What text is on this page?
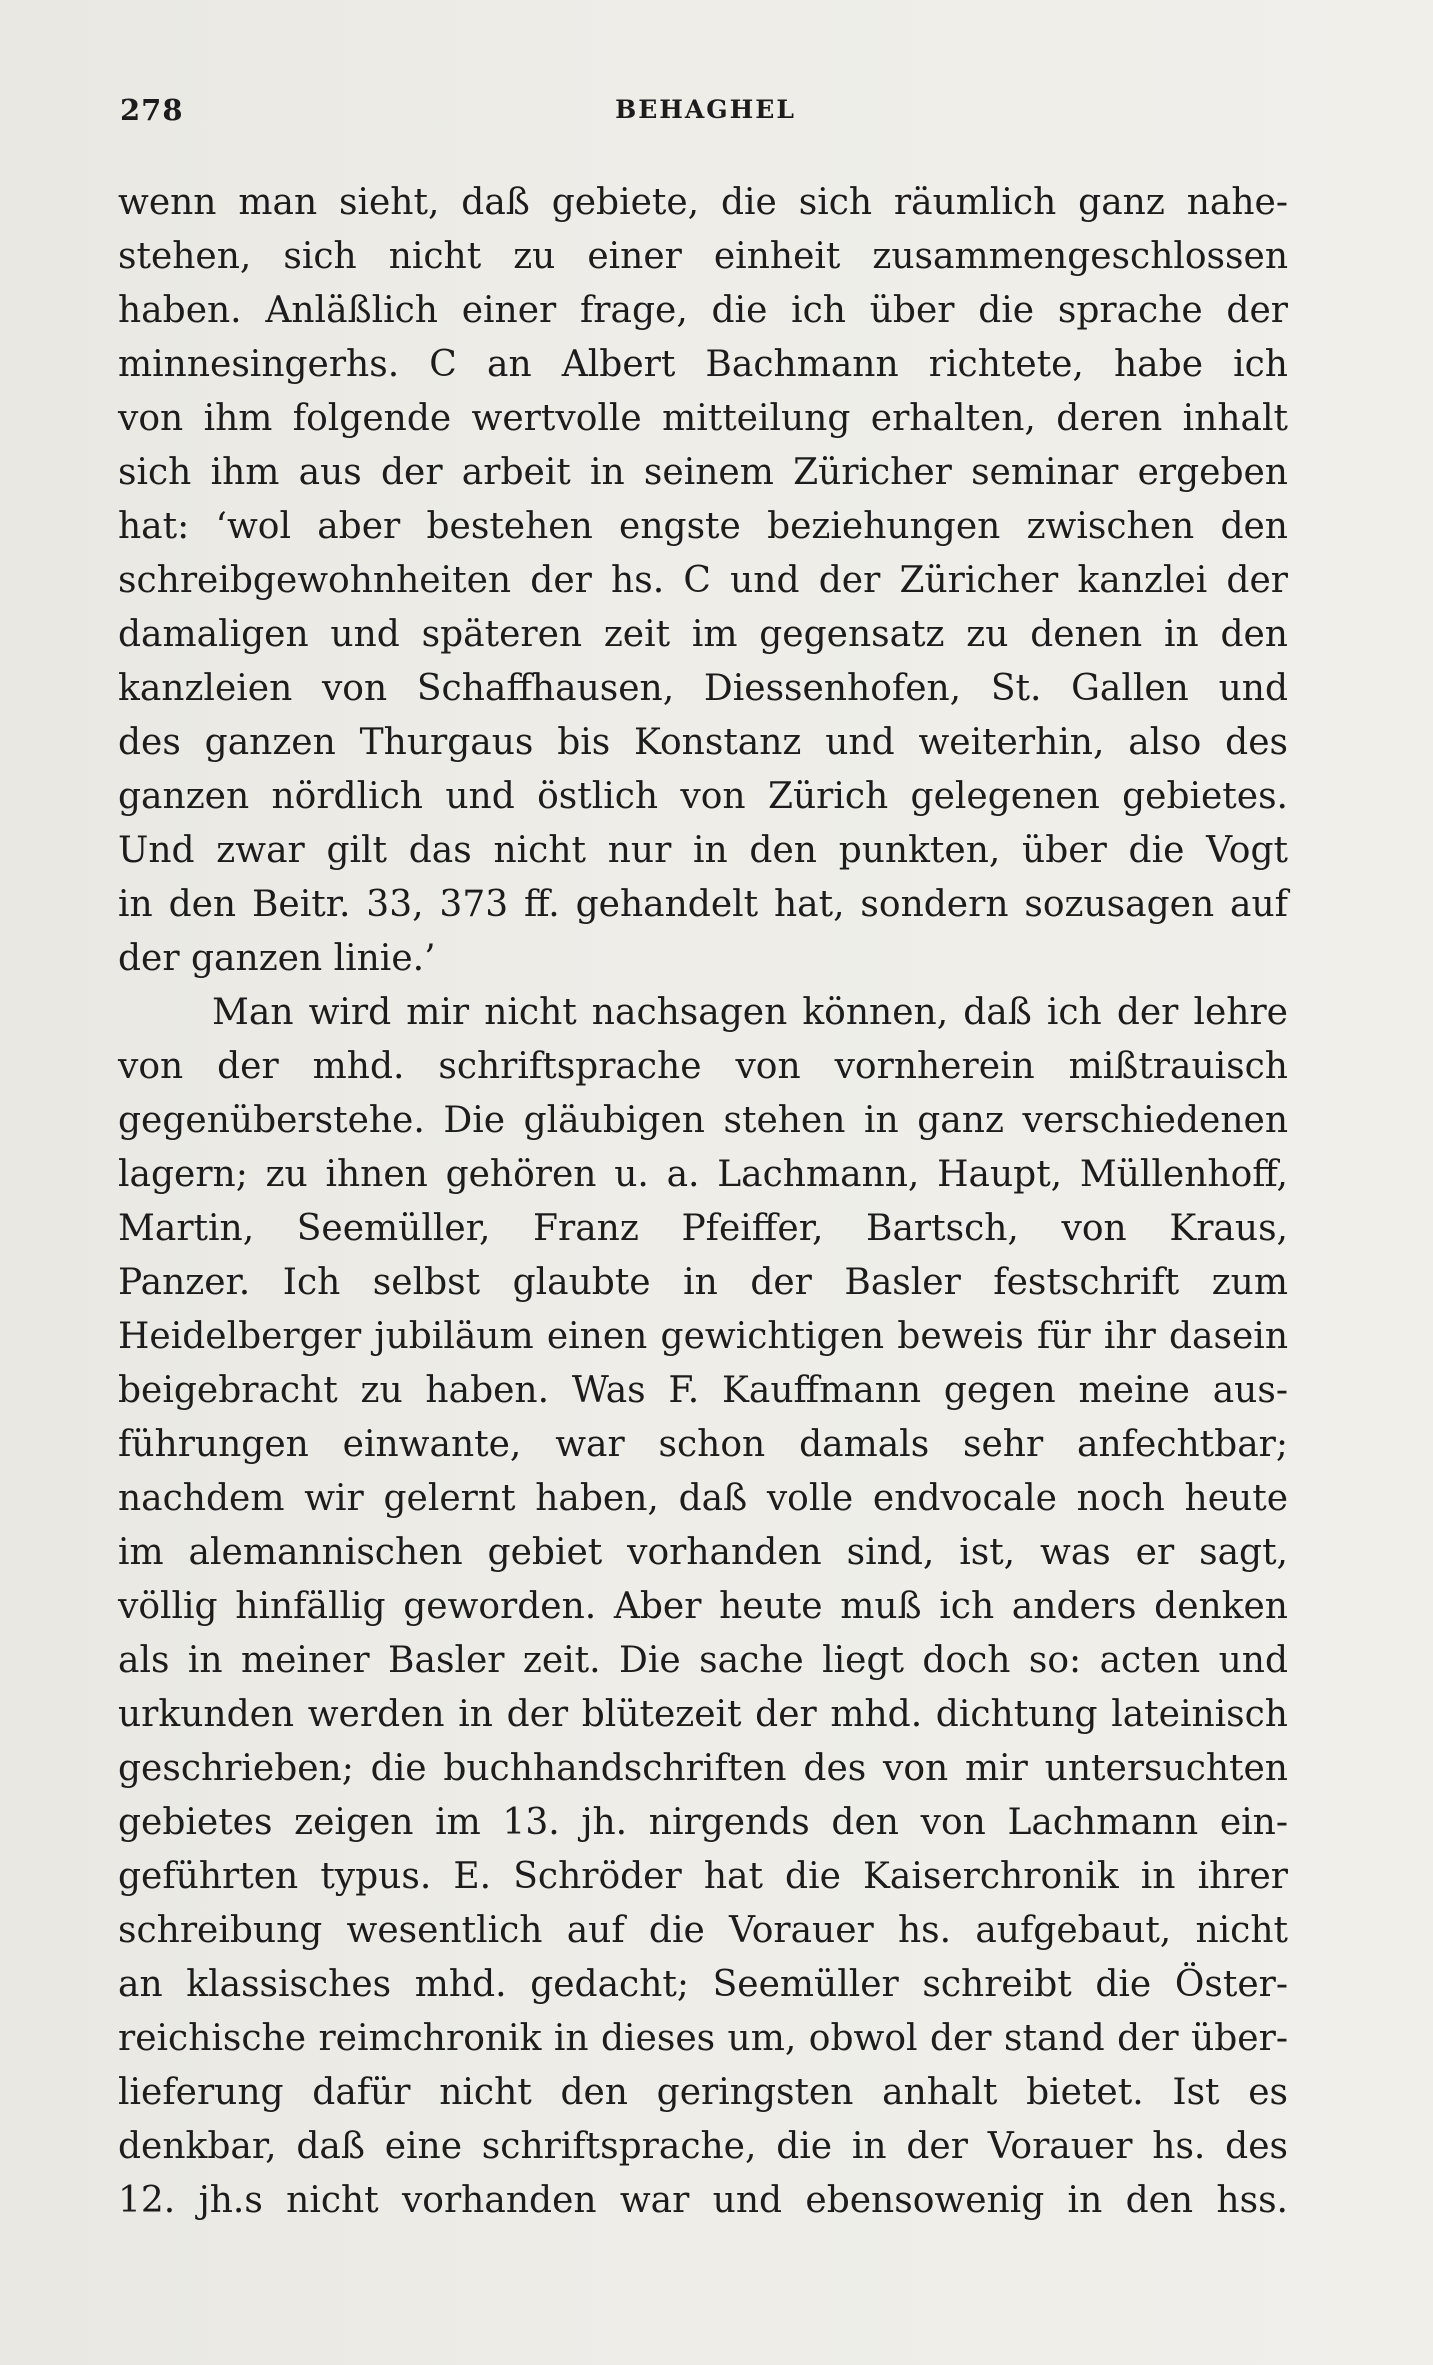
278	BEHAGHEL
wenn man sieht, daß gebiete, die sich räumlich ganz nahe-
stehen, sich nicht zu einer einheit zusammengeschlossen
haben. Anläßlich einer frage, die ich über die sprache der
minnesingerhs. C an Albert Bachmann richtete, habe ich
von ihm folgende wertvolle mitteilung erhalten, deren inhalt
sich ihm aus der arbeit in seinem Züricher seminar ergeben
hat: ‘wol aber bestehen engste beziehungen zwischen den
schreibgewohnheiten der hs. C und der Züricher kanzlei der
damaligen und späteren zeit im gegensatz zu denen in den
kanzleien von Schaffhausen, Diessenhofen, St. Gallen und
des ganzen Thurgaus bis Konstanz und weiterhin, also des
ganzen nördlich und östlich von Zürich gelegenen gebietes.
Und zwar gilt das nicht nur in den punkten, über die Vogt
in den Beitr. 33, 373 ff. gehandelt hat, sondern sozusagen auf
der ganzen linie.’
Man wird mir nicht nachsagen können, daß ich der lehre
von der mhd. schriftsprache von vornherein mißtrauisch
gegenüberstehe. Die gläubigen stehen in ganz verschiedenen
lagern; zu ihnen gehören u. a. Lachmann, Haupt, Müllenhoff,
Martin, Seemüller, Franz Pfeiffer, Bartsch, von Kraus,
Panzer. Ich selbst glaubte in der Basler festschrift zum
Heidelberger jubiläum einen gewichtigen beweis für ihr dasein
beigebracht zu haben. Was F. Kauffmann gegen meine aus-
führungen einwante, war schon damals sehr anfechtbar;
nachdem wir gelernt haben, daß volle endvocale noch heute
im alemannischen gebiet vorhanden sind, ist, was er sagt,
völlig hinfällig geworden. Aber heute muß ich anders denken
als in meiner Basler zeit. Die sache liegt doch so: acten und
urkunden werden in der blütezeit der mhd. dichtung lateinisch
geschrieben; die buchhandschriften des von mir untersuchten
gebietes zeigen im 13. jh. nirgends den von Lachmann ein-
geführten typus. E. Schröder hat die Kaiserchronik in ihrer
schreibung wesentlich auf die Vorauer hs. aufgebaut, nicht
an klassisches mhd. gedacht; Seemüller schreibt die Öster-
reichische reimchronik in dieses um, obwol der stand der über-
lieferung dafür nicht den geringsten anhalt bietet. Ist es
denkbar, daß eine schriftsprache, die in der Vorauer hs. des
12. jh.s nicht vorhanden war und ebensowenig in den hss.
